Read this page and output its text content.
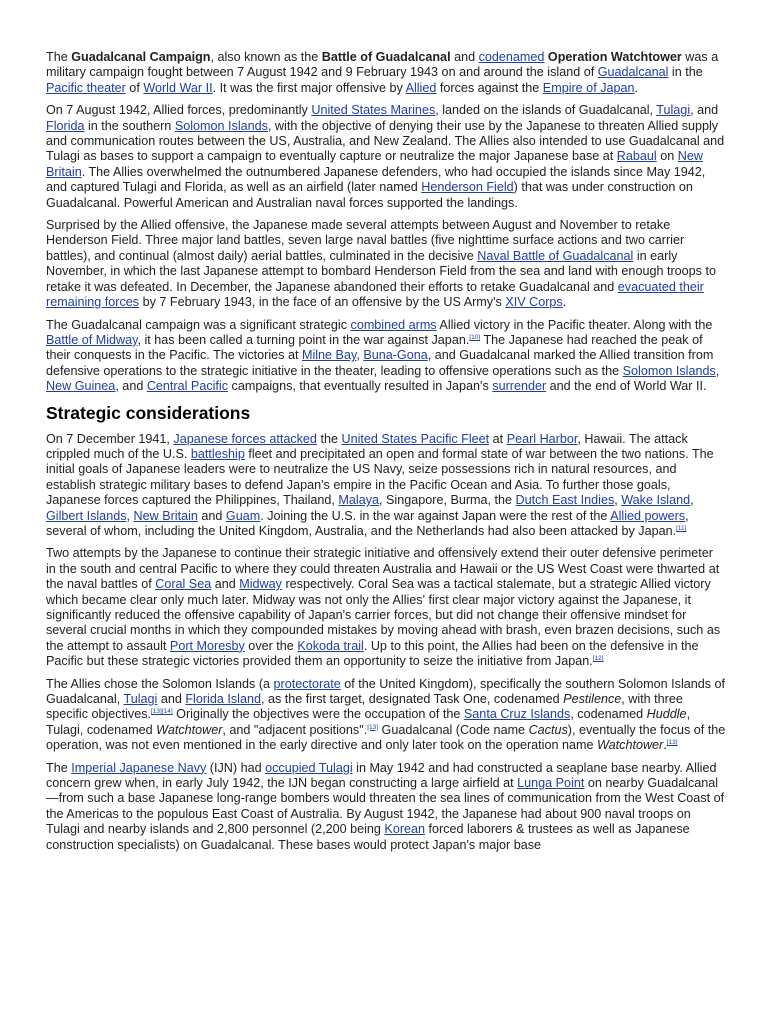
The Guadalcanal Campaign, also known as the Battle of Guadalcanal and codenamed Operation Watchtower was a military campaign fought between 7 August 1942 and 9 February 1943 on and around the island of Guadalcanal in the Pacific theater of World War II. It was the first major offensive by Allied forces against the Empire of Japan.

On 7 August 1942, Allied forces, predominantly United States Marines, landed on the islands of Guadalcanal, Tulagi, and Florida in the southern Solomon Islands, with the objective of denying their use by the Japanese to threaten Allied supply and communication routes between the US, Australia, and New Zealand. The Allies also intended to use Guadalcanal and Tulagi as bases to support a campaign to eventually capture or neutralize the major Japanese base at Rabaul on New Britain. The Allies overwhelmed the outnumbered Japanese defenders, who had occupied the islands since May 1942, and captured Tulagi and Florida, as well as an airfield (later named Henderson Field) that was under construction on Guadalcanal. Powerful American and Australian naval forces supported the landings.

Surprised by the Allied offensive, the Japanese made several attempts between August and November to retake Henderson Field. Three major land battles, seven large naval battles (five nighttime surface actions and two carrier battles), and continual (almost daily) aerial battles, culminated in the decisive Naval Battle of Guadalcanal in early November, in which the last Japanese attempt to bombard Henderson Field from the sea and land with enough troops to retake it was defeated. In December, the Japanese abandoned their efforts to retake Guadalcanal and evacuated their remaining forces by 7 February 1943, in the face of an offensive by the US Army's XIV Corps.

The Guadalcanal campaign was a significant strategic combined arms Allied victory in the Pacific theater. Along with the Battle of Midway, it has been called a turning point in the war against Japan.[10] The Japanese had reached the peak of their conquests in the Pacific. The victories at Milne Bay, Buna-Gona, and Guadalcanal marked the Allied transition from defensive operations to the strategic initiative in the theater, leading to offensive operations such as the Solomon Islands, New Guinea, and Central Pacific campaigns, that eventually resulted in Japan's surrender and the end of World War II.

Strategic considerations

On 7 December 1941, Japanese forces attacked the United States Pacific Fleet at Pearl Harbor, Hawaii. The attack crippled much of the U.S. battleship fleet and precipitated an open and formal state of war between the two nations. The initial goals of Japanese leaders were to neutralize the US Navy, seize possessions rich in natural resources, and establish strategic military bases to defend Japan's empire in the Pacific Ocean and Asia. To further those goals, Japanese forces captured the Philippines, Thailand, Malaya, Singapore, Burma, the Dutch East Indies, Wake Island, Gilbert Islands, New Britain and Guam. Joining the U.S. in the war against Japan were the rest of the Allied powers, several of whom, including the United Kingdom, Australia, and the Netherlands had also been attacked by Japan.[11]

Two attempts by the Japanese to continue their strategic initiative and offensively extend their outer defensive perimeter in the south and central Pacific to where they could threaten Australia and Hawaii or the US West Coast were thwarted at the naval battles of Coral Sea and Midway respectively. Coral Sea was a tactical stalemate, but a strategic Allied victory which became clear only much later. Midway was not only the Allies' first clear major victory against the Japanese, it significantly reduced the offensive capability of Japan's carrier forces, but did not change their offensive mindset for several crucial months in which they compounded mistakes by moving ahead with brash, even brazen decisions, such as the attempt to assault Port Moresby over the Kokoda trail. Up to this point, the Allies had been on the defensive in the Pacific but these strategic victories provided them an opportunity to seize the initiative from Japan.[12]

The Allies chose the Solomon Islands (a protectorate of the United Kingdom), specifically the southern Solomon Islands of Guadalcanal, Tulagi and Florida Island, as the first target, designated Task One, codenamed Pestilence, with three specific objectives.[13][14] Originally the objectives were the occupation of the Santa Cruz Islands, codenamed Huddle, Tulagi, codenamed Watchtower, and "adjacent positions".[13] Guadalcanal (Code name Cactus), eventually the focus of the operation, was not even mentioned in the early directive and only later took on the operation name Watchtower.[13]

The Imperial Japanese Navy (IJN) had occupied Tulagi in May 1942 and had constructed a seaplane base nearby. Allied concern grew when, in early July 1942, the IJN began constructing a large airfield at Lunga Point on nearby Guadalcanal—from such a base Japanese long-range bombers would threaten the sea lines of communication from the West Coast of the Americas to the populous East Coast of Australia. By August 1942, the Japanese had about 900 naval troops on Tulagi and nearby islands and 2,800 personnel (2,200 being Korean forced laborers & trustees as well as Japanese construction specialists) on Guadalcanal. These bases would protect Japan's major base
